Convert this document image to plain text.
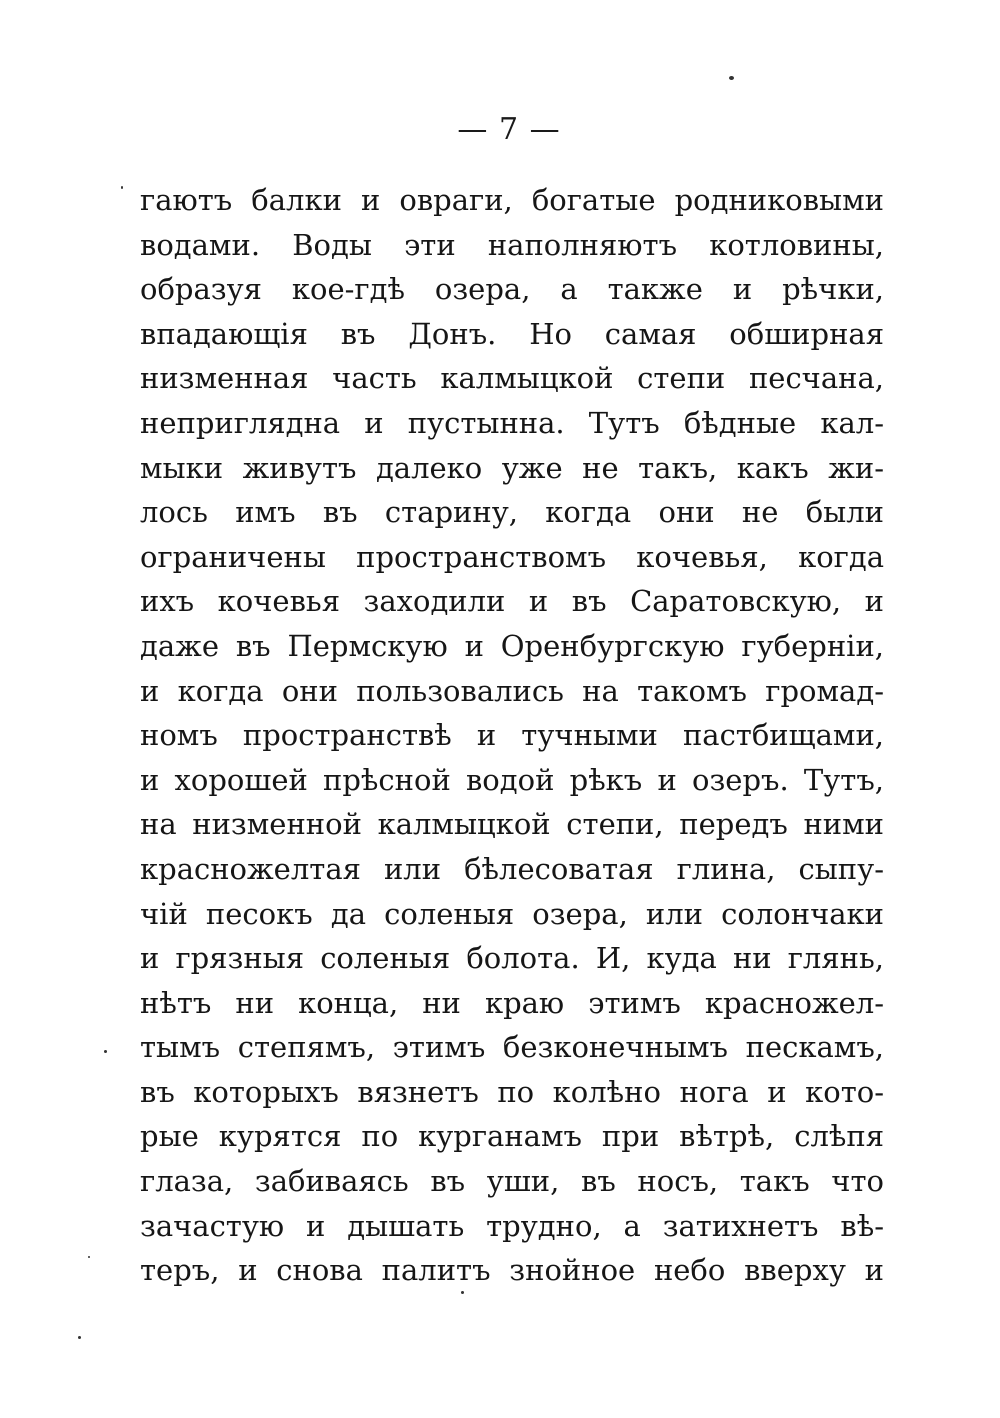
— 7 —
гаютъ балки и овраги, богатые родниковыми
водами. Воды эти наполняютъ котловины,
образуя кое-гдѣ озера, а также и рѣчки,
впадающія въ Донъ. Но самая обширная
низменная часть калмыцкой степи песчана,
неприглядна и пустынна. Тутъ бѣдные кал-
мыки живутъ далеко уже не такъ, какъ жи-
лось имъ въ старину, когда они не были
ограничены пространствомъ кочевья, когда
ихъ кочевья заходили и въ Саратовскую, и
даже въ Пермскую и Оренбургскую губерніи,
и когда они пользовались на такомъ громад-
номъ пространствѣ и тучными пастбищами,
и хорошей прѣсной водой рѣкъ и озеръ. Тутъ,
на низменной калмыцкой степи, передъ ними
красножелтая или бѣлесоватая глина, сыпу-
чій песокъ да соленыя озера, или солончаки
и грязныя соленыя болота. И, куда ни глянь,
нѣтъ ни конца, ни краю этимъ красножел-
тымъ степямъ, этимъ безконечнымъ пескамъ,
въ которыхъ вязнетъ по колѣно нога и кото-
рые курятся по курганамъ при вѣтрѣ, слѣпя
глаза, забиваясь въ уши, въ носъ, такъ что
зачастую и дышать трудно, а затихнетъ вѣ-
теръ, и снова палитъ знойное небо вверху и
